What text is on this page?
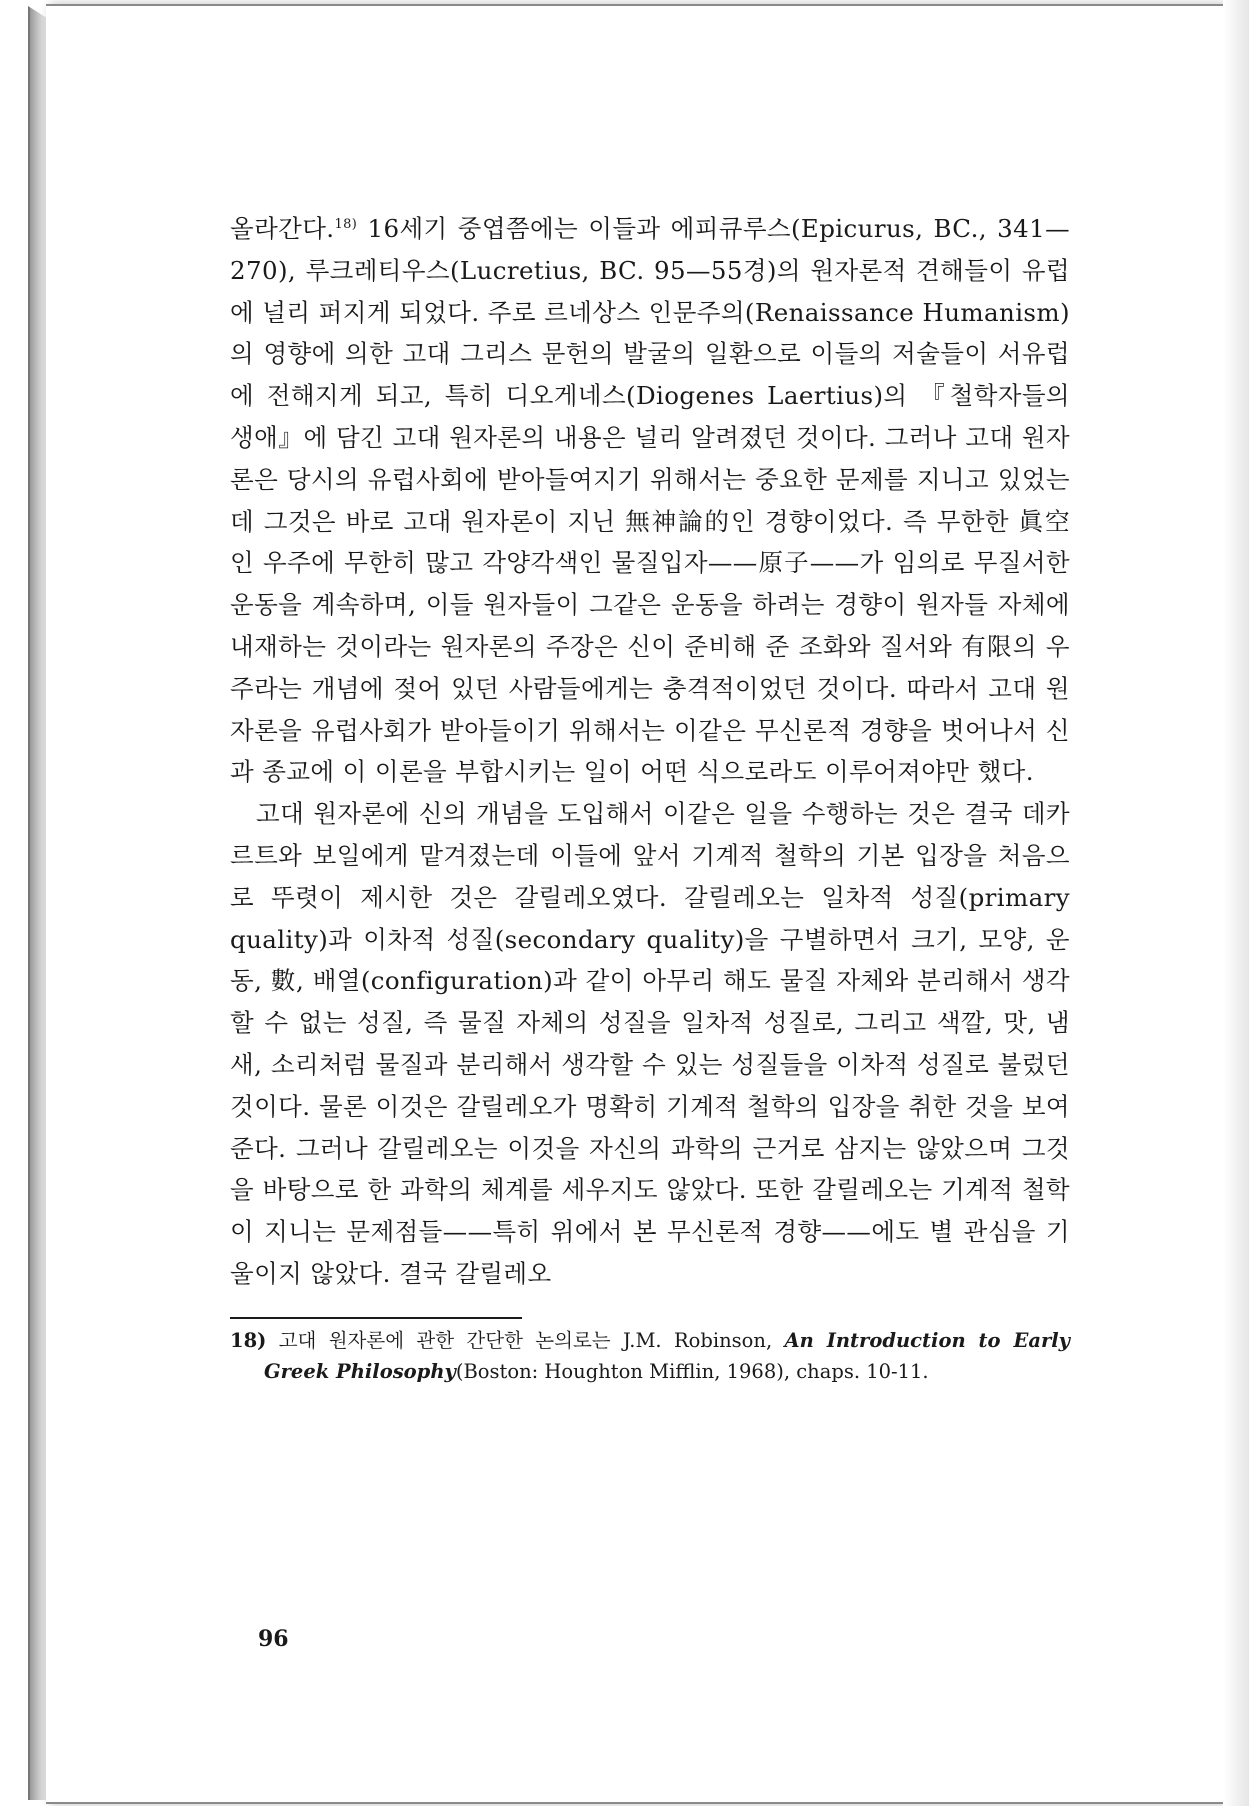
올라간다.$^{18)}$ 16세기 중엽쯤에는 이들과 에피큐루스(Epicurus, BC., 341—270), 루크레티우스(Lucretius, BC. 95—55경)의 원자론적 견해들이 유럽에 널리 퍼지게 되었다. 주로 르네상스 인문주의(Renaissance Humanism)의 영향에 의한 고대 그리스 문헌의 발굴의 일환으로 이들의 저술들이 서유럽에 전해지게 되고, 특히 디오게네스(Diogenes Laertius)의 『철학자들의 생애』에 담긴 고대 원자론의 내용은 널리 알려졌던 것이다. 그러나 고대 원자론은 당시의 유럽사회에 받아들여지기 위해서는 중요한 문제를 지니고 있었는데 그것은 바로 고대 원자론이 지닌 無神論的인 경향이었다. 즉 무한한 眞空인 우주에 무한히 많고 각양각색인 물질입자——原子——가 임의로 무질서한 운동을 계속하며, 이들 원자들이 그같은 운동을 하려는 경향이 원자들 자체에 내재하는 것이라는 원자론의 주장은 신이 준비해 준 조화와 질서와 有限의 우주라는 개념에 젖어 있던 사람들에게는 충격적이었던 것이다. 따라서 고대 원자론을 유럽사회가 받아들이기 위해서는 이같은 무신론적 경향을 벗어나서 신과 종교에 이 이론을 부합시키는 일이 어떤 식으로라도 이루어져야만 했다.

고대 원자론에 신의 개념을 도입해서 이같은 일을 수행하는 것은 결국 데카르트와 보일에게 맡겨졌는데 이들에 앞서 기계적 철학의 기본 입장을 처음으로 뚜렷이 제시한 것은 갈릴레오였다. 갈릴레오는 일차적 성질(primary quality)과 이차적 성질(secondary quality)을 구별하면서 크기, 모양, 운동, 數, 배열(configuration)과 같이 아무리 해도 물질 자체와 분리해서 생각할 수 없는 성질, 즉 물질 자체의 성질을 일차적 성질로, 그리고 색깔, 맛, 냄새, 소리처럼 물질과 분리해서 생각할 수 있는 성질들을 이차적 성질로 불렀던 것이다. 물론 이것은 갈릴레오가 명확히 기계적 철학의 입장을 취한 것을 보여준다. 그러나 갈릴레오는 이것을 자신의 과학의 근거로 삼지는 않았으며 그것을 바탕으로 한 과학의 체계를 세우지도 않았다. 또한 갈릴레오는 기계적 철학이 지니는 문제점들——특히 위에서 본 무신론적 경향——에도 별 관심을 기울이지 않았다. 결국 갈릴레오

18) 고대 원자론에 관한 간단한 논의로는 J.M. Robinson, An Introduction to Early Greek Philosophy(Boston: Houghton Mifflin, 1968), chaps. 10-11.
96
